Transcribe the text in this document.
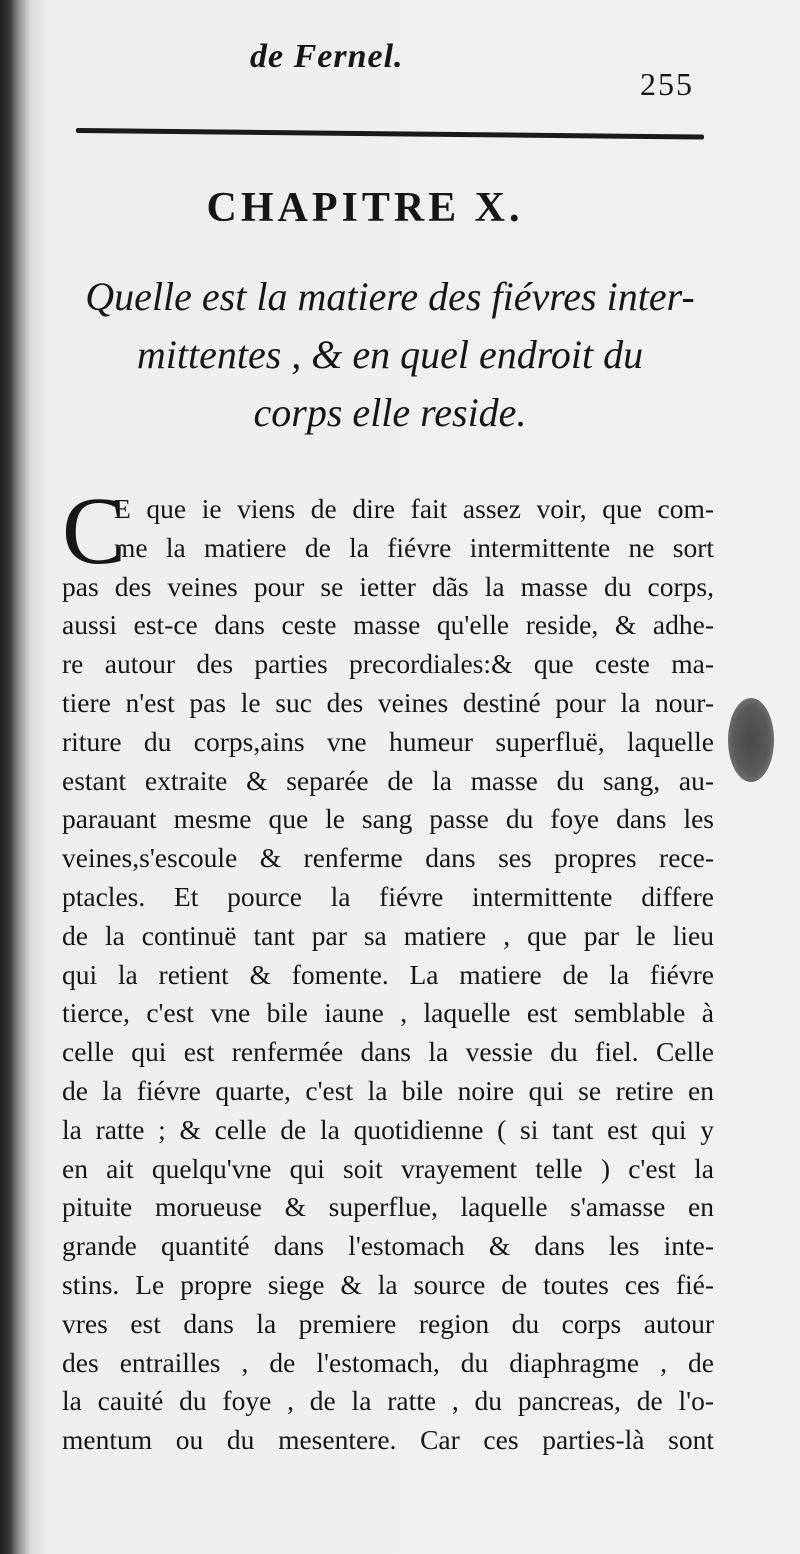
de Fernel.
255
CHAPITRE X.
Quelle est la matiere des fiévres inter-
mittentes , & en quel endroit du
corps elle reside.
C
E que ie viens de dire fait assez voir, que com-
me la matiere de la fiévre intermittente ne sort
pas des veines pour se ietter dãs la masse du corps,
aussi est-ce dans ceste masse qu'elle reside, & adhe-
re autour des parties precordiales:& que ceste ma-
tiere n'est pas le suc des veines destiné pour la nour-
riture du corps,ains vne humeur superfluë, laquelle
estant extraite & separée de la masse du sang, au-
parauant mesme que le sang passe du foye dans les
veines,s'escoule & renferme dans ses propres rece-
ptacles. Et pource la fiévre intermittente differe
de la continuë tant par sa matiere , que par le lieu
qui la retient & fomente. La matiere de la fiévre
tierce, c'est vne bile iaune , laquelle est semblable à
celle qui est renfermée dans la vessie du fiel. Celle
de la fiévre quarte, c'est la bile noire qui se retire en
la ratte ; & celle de la quotidienne ( si tant est qui y
en ait quelqu'vne qui soit vrayement telle ) c'est la
pituite morueuse & superflue, laquelle s'amasse en
grande quantité dans l'estomach & dans les inte-
stins. Le propre siege & la source de toutes ces fié-
vres est dans la premiere region du corps autour
des entrailles , de l'estomach, du diaphragme , de
la cauité du foye , de la ratte , du pancreas, de l'o-
mentum ou du mesentere. Car ces parties-là sont
